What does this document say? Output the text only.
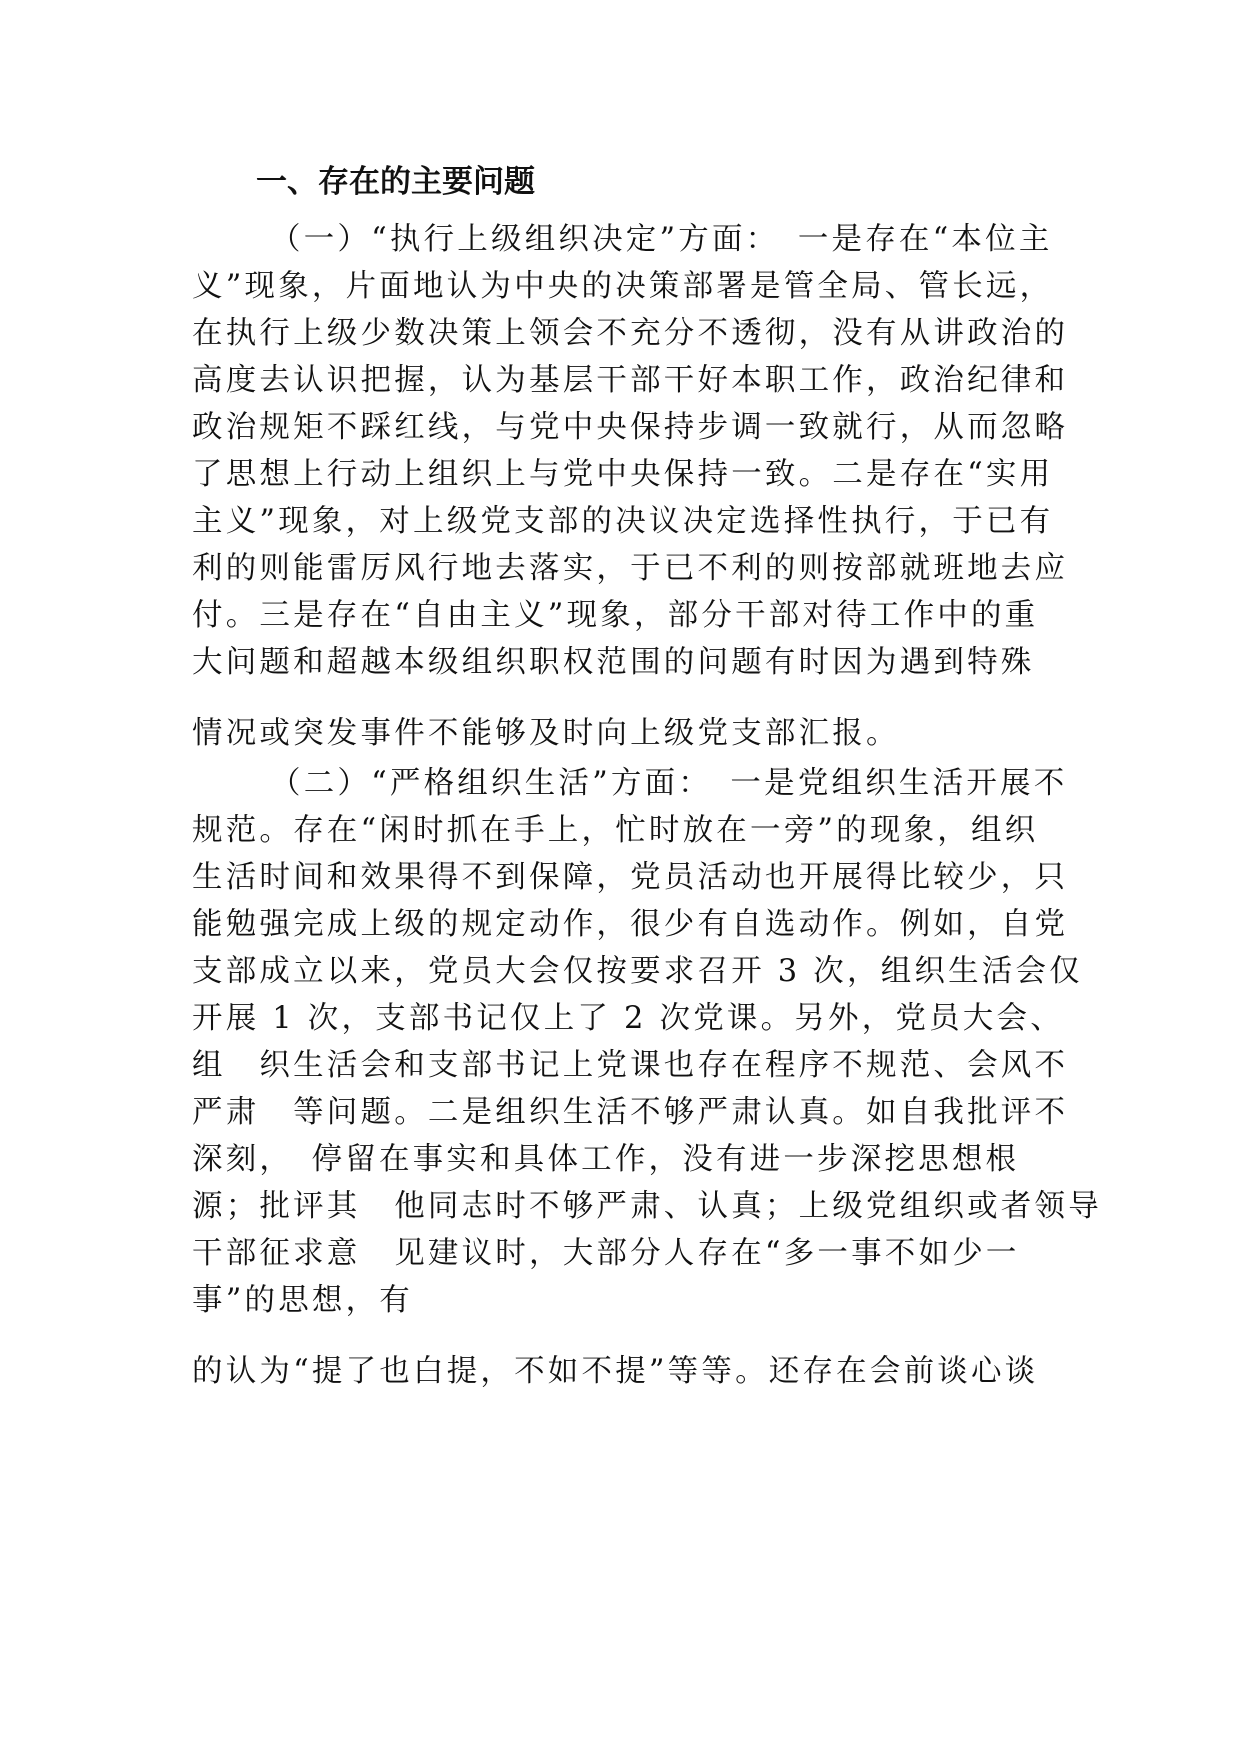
一、存在的主要问题
（一）“执行上级组织决定”方面：　一是存在“本位主
义”现象，片面地认为中央的决策部署是管全局、管长远，
在执行上级少数决策上领会不充分不透彻，没有从讲政治的
高度去认识把握，认为基层干部干好本职工作，政治纪律和
政治规矩不踩红线，与党中央保持步调一致就行，从而忽略
了思想上行动上组织上与党中央保持一致。二是存在“实用
主义”现象，对上级党支部的决议决定选择性执行，于已有
利的则能雷厉风行地去落实，于已不利的则按部就班地去应
付。三是存在“自由主义”现象，部分干部对待工作中的重
大问题和超越本级组织职权范围的问题有时因为遇到特殊
情况或突发事件不能够及时向上级党支部汇报。
（二）“严格组织生活”方面：　一是党组织生活开展不
规范。存在“闲时抓在手上，忙时放在一旁”的现象，组织
生活时间和效果得不到保障，党员活动也开展得比较少，只
能勉强完成上级的规定动作，很少有自选动作。例如，自党
支部成立以来，党员大会仅按要求召开 3 次，组织生活会仅
开展 1 次，支部书记仅上了 2 次党课。另外，党员大会、
组　织生活会和支部书记上党课也存在程序不规范、会风不
严肃　等问题。二是组织生活不够严肃认真。如自我批评不
深刻，　停留在事实和具体工作，没有进一步深挖思想根
源；批评其　他同志时不够严肃、认真；上级党组织或者领导
干部征求意　见建议时，大部分人存在“多一事不如少一
事”的思想，有
的认为“提了也白提，不如不提”等等。还存在会前谈心谈
